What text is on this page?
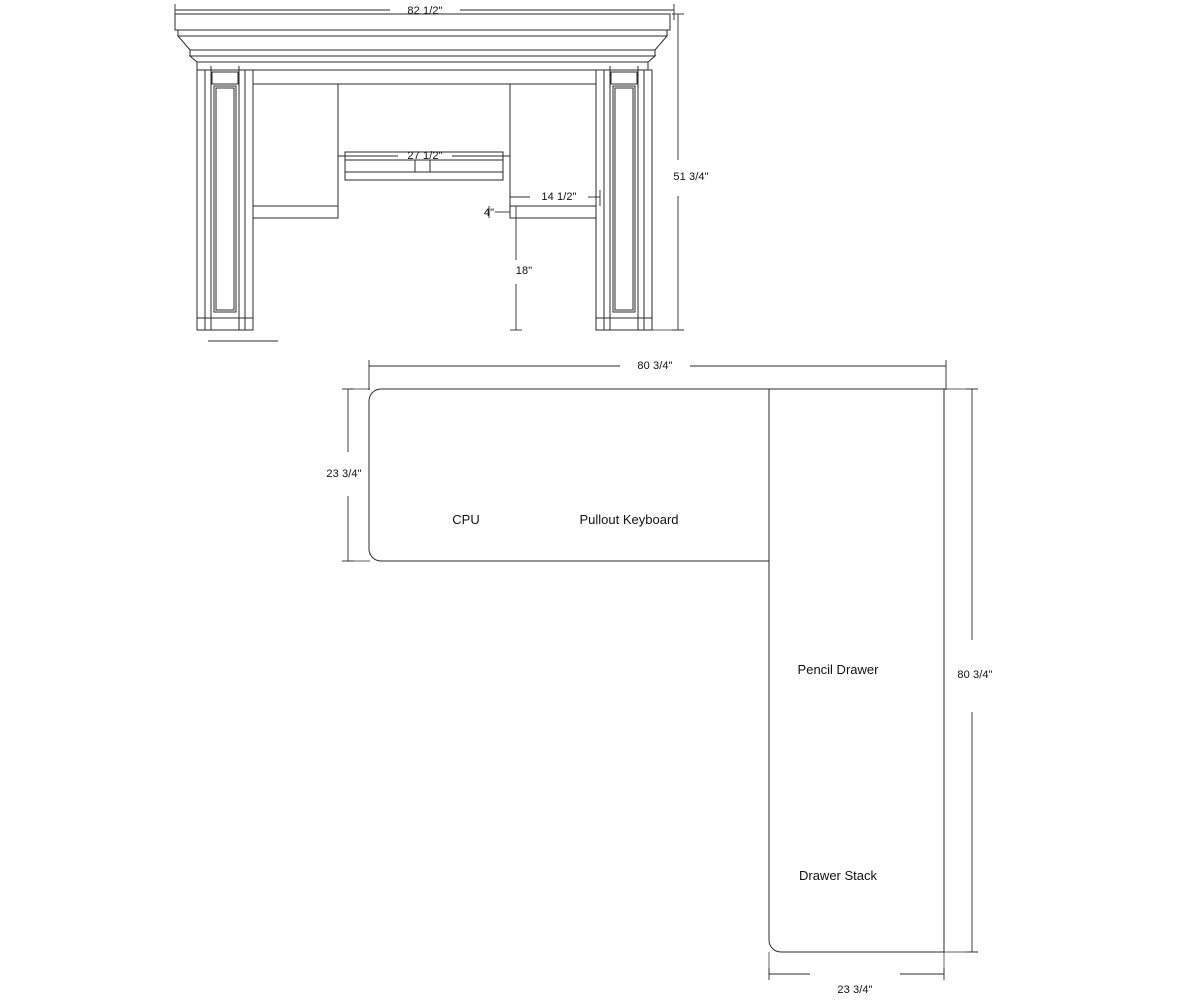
82 1/2"
51 3/4"
27 1/2"
14 1/2"
4"
18"
80 3/4"
23 3/4"
80 3/4"
23 3/4"
CPU	Pullout Keyboard
Pencil Drawer
Drawer Stack
